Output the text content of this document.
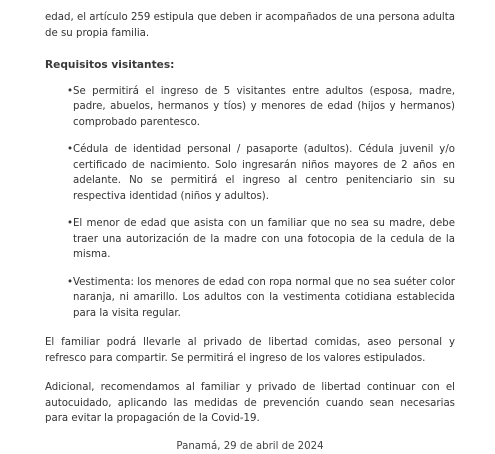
edad, el artículo 259 estipula que deben ir acompañados de una persona adulta de su propia familia.

Requisitos visitantes:

• Se permitirá el ingreso de 5 visitantes entre adultos (esposa, madre, padre, abuelos, hermanos y tíos) y menores de edad (hijos y hermanos) comprobado parentesco.
• Cédula de identidad personal / pasaporte (adultos). Cédula juvenil y/o certificado de nacimiento. Solo ingresarán niños mayores de 2 años en adelante. No se permitirá el ingreso al centro penitenciario sin su respectiva identidad (niños y adultos).
• El menor de edad que asista con un familiar que no sea su madre, debe traer una autorización de la madre con una fotocopia de la cedula de la misma.
• Vestimenta: los menores de edad con ropa normal que no sea suéter color naranja, ni amarillo. Los adultos con la vestimenta cotidiana establecida para la visita regular.

El familiar podrá llevarle al privado de libertad comidas, aseo personal y refresco para compartir. Se permitirá el ingreso de los valores estipulados.

Adicional, recomendamos al familiar y privado de libertad continuar con el autocuidado, aplicando las medidas de prevención cuando sean necesarias para evitar la propagación de la Covid-19.

Panamá, 29 de abril de 2024
